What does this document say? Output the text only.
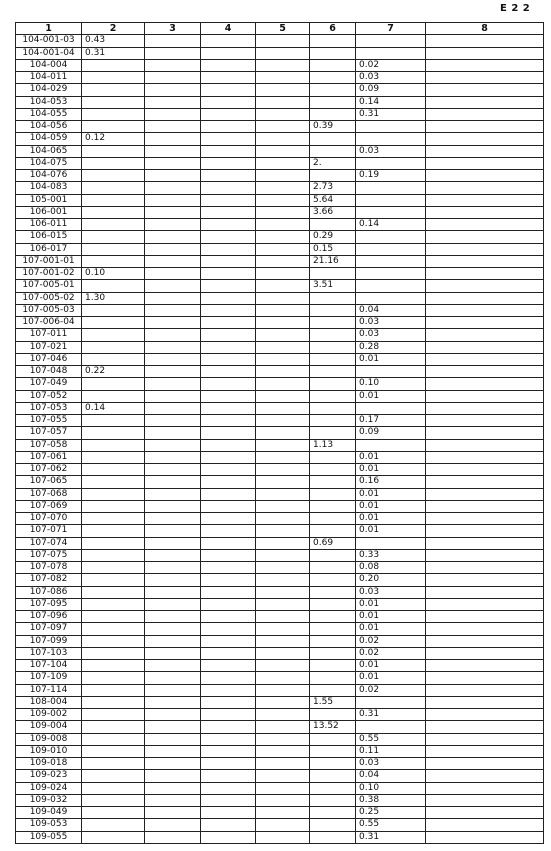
E 2 2
1	2	3	4	5	6	7	8
104-001-03	0.43						
104-001-04	0.31						
104-004						0.02	
104-011						0.03	
104-029						0.09	
104-053						0.14	
104-055						0.31	
104-056					0.39		
104-059	0.12						
104-065						0.03	
104-075					2.		
104-076						0.19	
104-083					2.73		
105-001					5.64		
106-001					3.66		
106-011						0.14	
106-015					0.29		
106-017					0.15		
107-001-01					21.16		
107-001-02	0.10						
107-005-01					3.51		
107-005-02	1.30						
107-005-03						0.04	
107-006-04						0.03	
107-011						0.03	
107-021						0.28	
107-046						0.01	
107-048	0.22						
107-049						0.10	
107-052						0.01	
107-053	0.14						
107-055						0.17	
107-057						0.09	
107-058					1.13		
107-061						0.01	
107-062						0.01	
107-065						0.16	
107-068						0.01	
107-069						0.01	
107-070						0.01	
107-071						0.01	
107-074					0.69		
107-075						0.33	
107-078						0.08	
107-082						0.20	
107-086						0.03	
107-095						0.01	
107-096						0.01	
107-097						0.01	
107-099						0.02	
107-103						0.02	
107-104						0.01	
107-109						0.01	
107-114						0.02	
108-004					1.55		
109-002						0.31	
109-004					13.52		
109-008						0.55	
109-010						0.11	
109-018						0.03	
109-023						0.04	
109-024						0.10	
109-032						0.38	
109-049						0.25	
109-053						0.55	
109-055						0.31	
